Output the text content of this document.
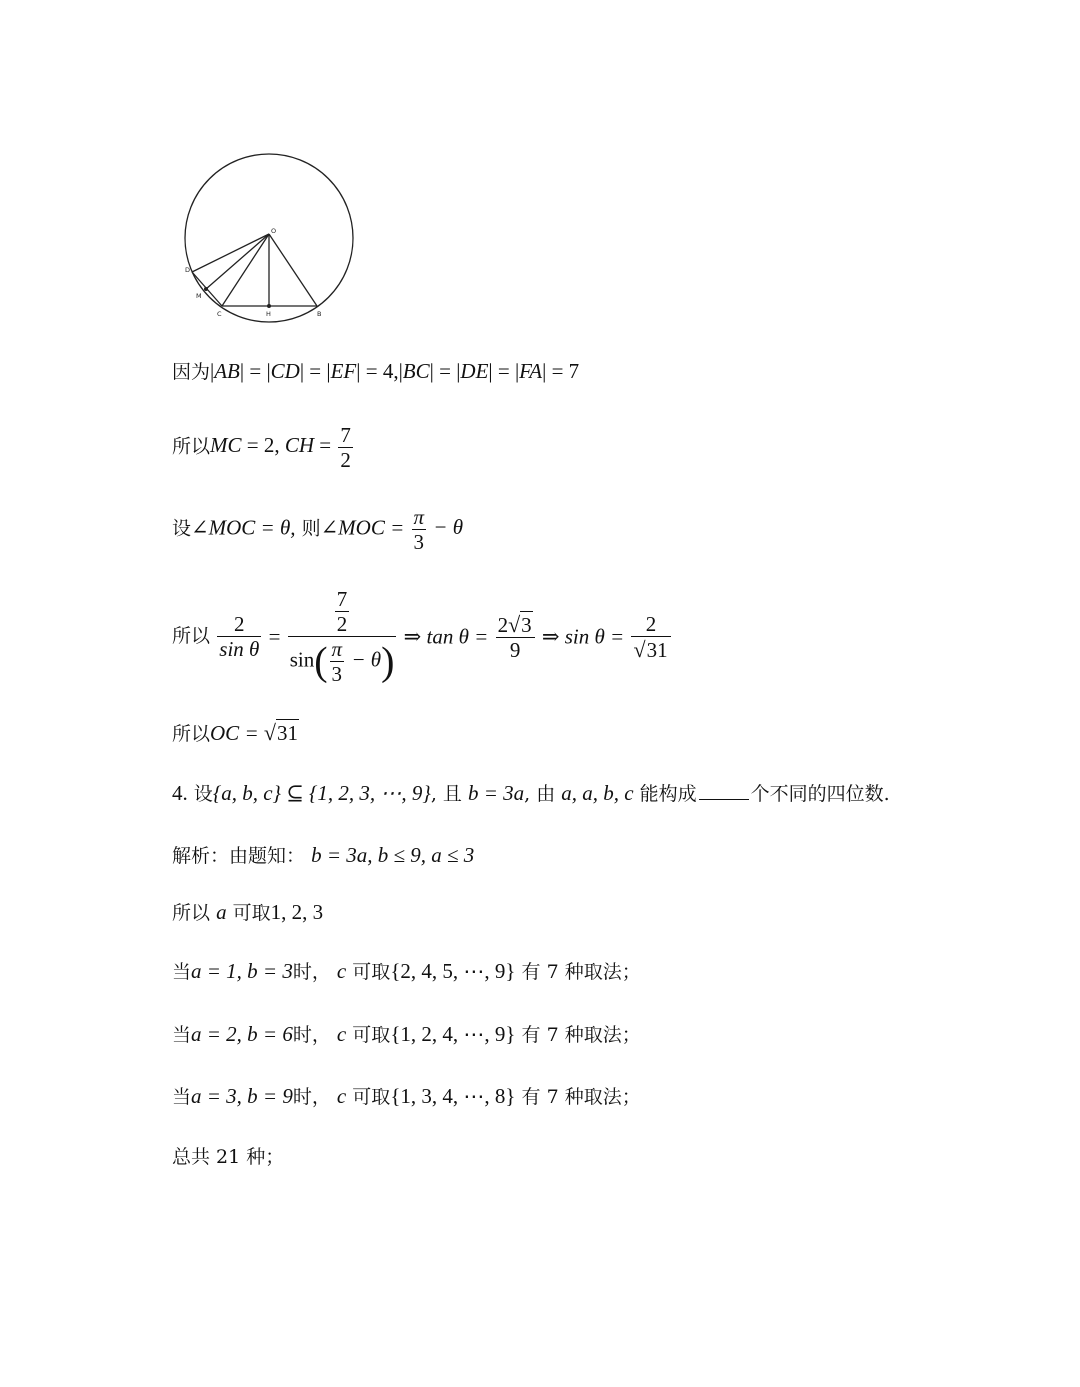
O
D
M
C	H	B
因为|AB| = |CD| = |EF| = 4,|BC| = |DE| = |FA| = 7
所以MC = 2, CH = $\frac{7}{2}$
设∠MOC = θ, 则∠MOC = $\frac{\pi}{3} - \theta$
所以 $\frac{2}{\text{sin θ}} = \frac{\frac{7}{2}}{\sin( \frac{\pi}{3} - \theta)}$ ⇒ $\tan \theta = \frac{2√3}{9}$ ⇒ $\sin \theta = \frac{2}{√31}$
所以OC = √31
4. 设{a, b, c} ⊆ {1, 2, 3, ⋯, 9}, 且 b = 3a, 由 a, a, b, c 能构成	个不同的四位数.
解析：由题知： b = 3a, b ≤ 9, a ≤ 3
所以 a 可取1, 2, 3
当a = 1, b = 3时， c 可取{2, 4, 5, ⋯, 9} 有 7 种取法；
当a = 2, b = 6时， c 可取{1, 2, 4, ⋯, 9} 有 7 种取法；
当a = 3, b = 9时， c 可取{1, 3, 4, ⋯, 8} 有 7 种取法；
总共 21 种；
